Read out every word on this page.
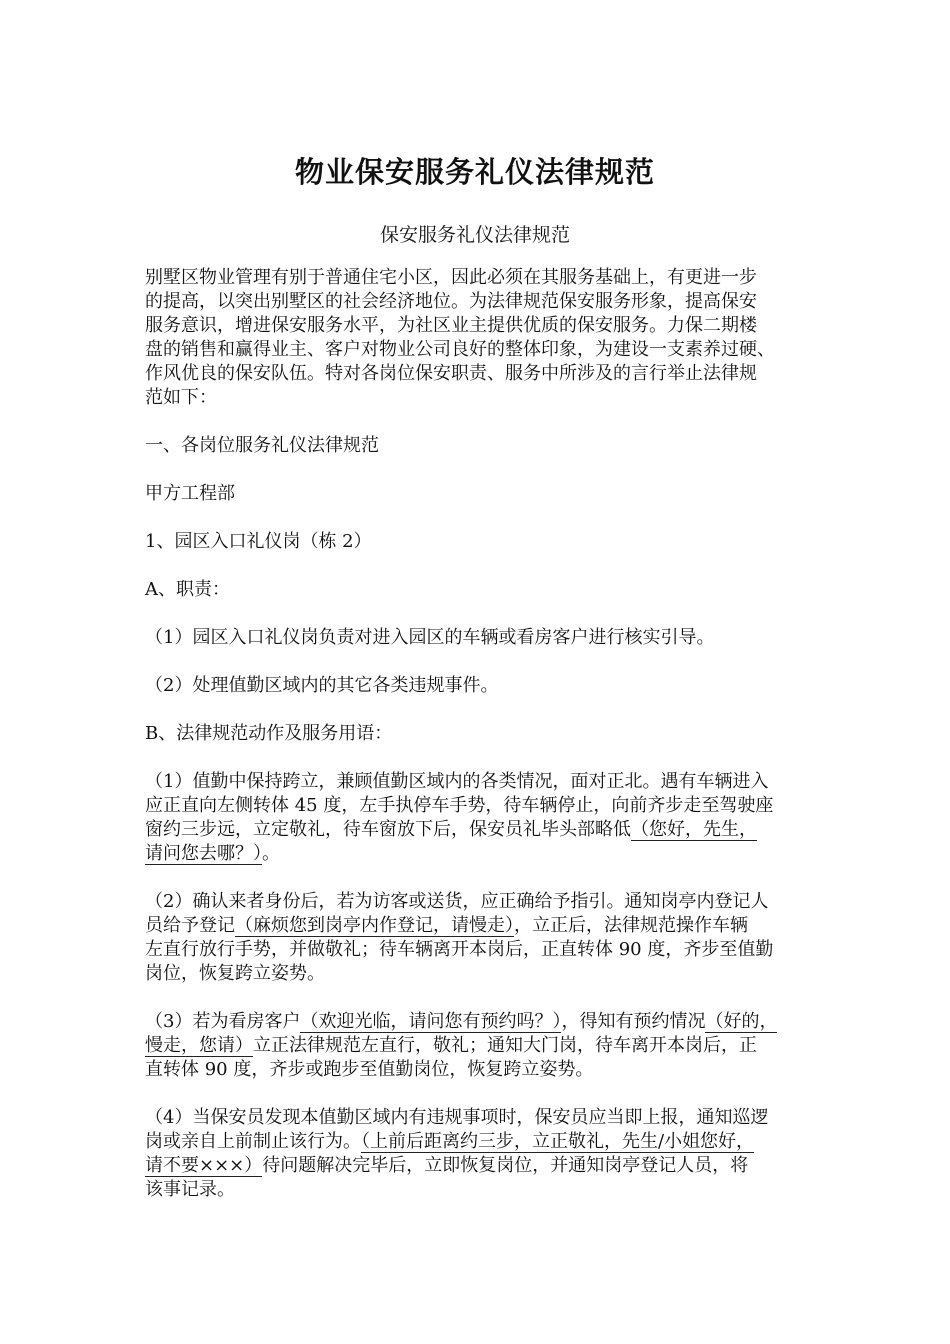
物业保安服务礼仪法律规范
保安服务礼仪法律规范
别墅区物业管理有别于普通住宅小区，因此必须在其服务基础上，有更进一步
的提高，以突出别墅区的社会经济地位。为法律规范保安服务形象，提高保安
服务意识，增进保安服务水平，为社区业主提供优质的保安服务。力保二期楼
盘的销售和赢得业主、客户对物业公司良好的整体印象，为建设一支素养过硬、
作风优良的保安队伍。特对各岗位保安职责、服务中所涉及的言行举止法律规
范如下：
一、各岗位服务礼仪法律规范
甲方工程部
1、园区入口礼仪岗（栋 2）
A、职责：
（1）园区入口礼仪岗负责对进入园区的车辆或看房客户进行核实引导。
（2）处理值勤区域内的其它各类违规事件。
B、法律规范动作及服务用语：
（1）值勤中保持跨立，兼顾值勤区域内的各类情况，面对正北。遇有车辆进入
应正直向左侧转体 45 度，左手执停车手势，待车辆停止，向前齐步走至驾驶座
窗约三步远，立定敬礼，待车窗放下后，保安员礼毕头部略低（您好，先生，
请问您去哪？）。
（2）确认来者身份后，若为访客或送货，应正确给予指引。通知岗亭内登记人
员给予登记（麻烦您到岗亭内作登记，请慢走），立正后，法律规范操作车辆
左直行放行手势，并做敬礼；待车辆离开本岗后，正直转体 90 度，齐步至值勤
岗位，恢复跨立姿势。
（3）若为看房客户（欢迎光临，请问您有预约吗？），得知有预约情况（好的，
慢走，您请）立正法律规范左直行，敬礼；通知大门岗，待车离开本岗后，正
直转体 90 度，齐步或跑步至值勤岗位，恢复跨立姿势。
（4）当保安员发现本值勤区域内有违规事项时，保安员应当即上报，通知巡逻
岗或亲自上前制止该行为。（上前后距离约三步，立正敬礼，先生/小姐您好，
请不要×××）待问题解决完毕后，立即恢复岗位，并通知岗亭登记人员，将
该事记录。
